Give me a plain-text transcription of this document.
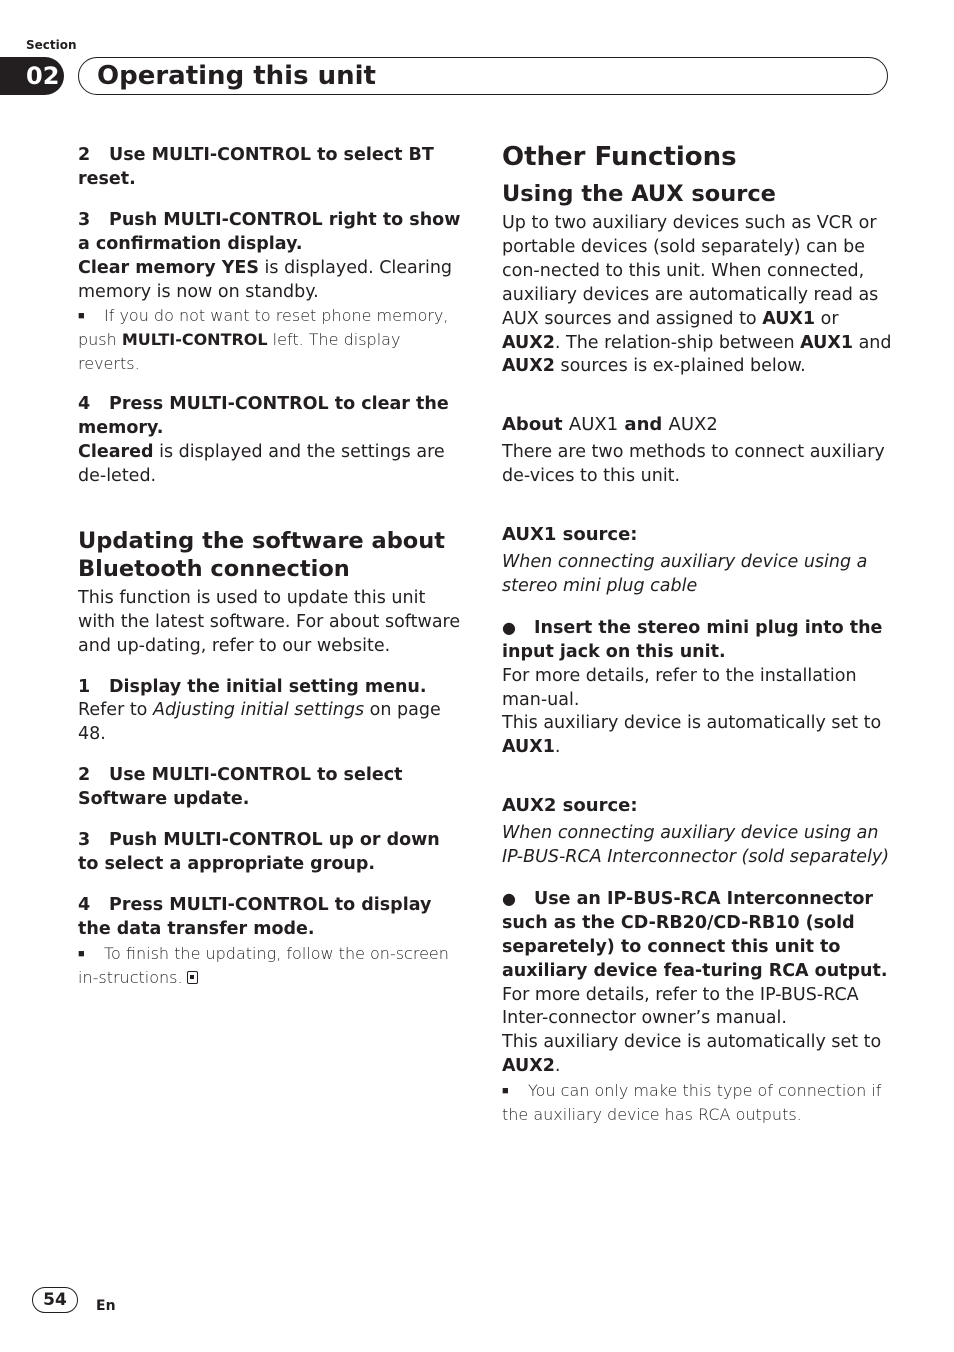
Section
02 Operating this unit

2 Use MULTI-CONTROL to select BT reset.

3 Push MULTI-CONTROL right to show a confirmation display.

Clear memory YES is displayed. Clearing memory is now on standby.

■ If you do not want to reset phone memory, push MULTI-CONTROL left. The display reverts.

4 Press MULTI-CONTROL to clear the memory.

Cleared is displayed and the settings are de-leted.

Updating the software about Bluetooth connection

This function is used to update this unit with the latest software. For about software and up-dating, refer to our website.

1 Display the initial setting menu.

Refer to Adjusting initial settings on page 48.

2 Use MULTI-CONTROL to select Software update.

3 Push MULTI-CONTROL up or down to select a appropriate group.

4 Press MULTI-CONTROL to display the data transfer mode.

■ To finish the updating, follow the on-screen in-structions.

Other Functions

Using the AUX source

Up to two auxiliary devices such as VCR or portable devices (sold separately) can be con-nected to this unit. When connected, auxiliary devices are automatically read as AUX sources and assigned to AUX1 or AUX2. The relation-ship between AUX1 and AUX2 sources is ex-plained below.

About AUX1 and AUX2

There are two methods to connect auxiliary de-vices to this unit.

AUX1 source:

When connecting auxiliary device using a stereo mini plug cable

● Insert the stereo mini plug into the input jack on this unit.

For more details, refer to the installation man-ual.

This auxiliary device is automatically set to AUX1.

AUX2 source:

When connecting auxiliary device using an IP-BUS-RCA Interconnector (sold separately)

● Use an IP-BUS-RCA Interconnector such as the CD-RB20/CD-RB10 (sold separetely) to connect this unit to auxiliary device fea-turing RCA output.

For more details, refer to the IP-BUS-RCA Inter-connector owner’s manual.

This auxiliary device is automatically set to AUX2.

■ You can only make this type of connection if the auxiliary device has RCA outputs.

54	En
